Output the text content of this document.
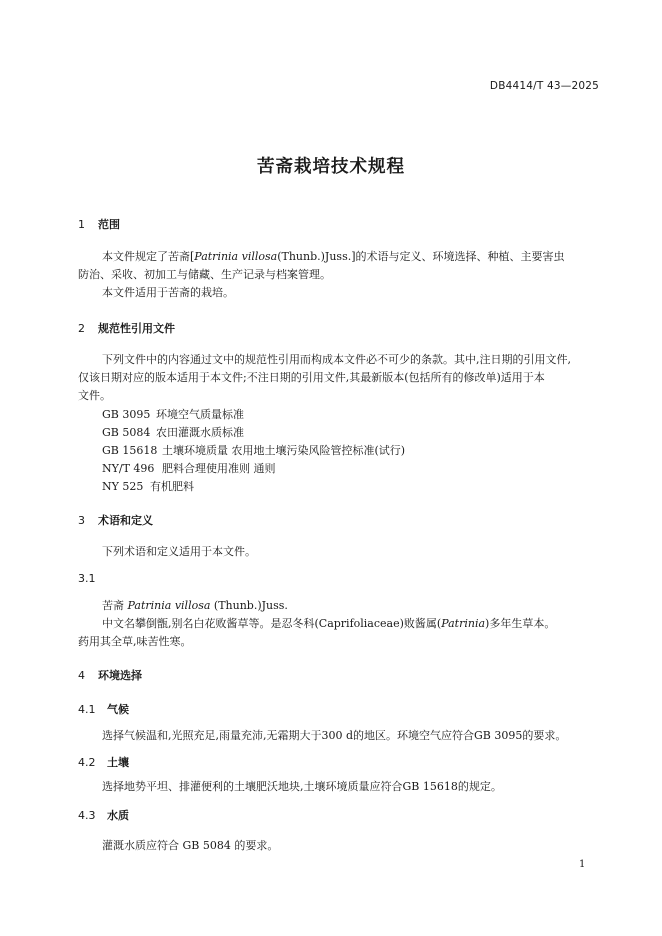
DB4414/T 43—2025
苦斋栽培技术规程
1 范围
本文件规定了苦斋[Patrinia villosa(Thunb.)Juss.]的术语与定义、环境选择、种植、主要害虫
防治、采收、初加工与储藏、生产记录与档案管理。
本文件适用于苦斋的栽培。
2 规范性引用文件
下列文件中的内容通过文中的规范性引用而构成本文件必不可少的条款。其中,注日期的引用文件,
仅该日期对应的版本适用于本文件;不注日期的引用文件,其最新版本(包括所有的修改单)适用于本
文件。
GB 3095 环境空气质量标准
GB 5084 农田灌溉水质标准
GB 15618 土壤环境质量 农用地土壤污染风险管控标准(试行)
NY/T 496 肥料合理使用准则 通则
NY 525 有机肥料
3 术语和定义
下列术语和定义适用于本文件。
3.1
苦斋 Patrinia villosa (Thunb.)Juss.
中文名攀倒甑,别名白花败酱草等。是忍冬科(Caprifoliaceae)败酱属(Patrinia)多年生草本。
药用其全草,味苦性寒。
4 环境选择
4.1 气候
选择气候温和,光照充足,雨量充沛,无霜期大于300 d的地区。环境空气应符合GB 3095的要求。
4.2 土壤
选择地势平坦、排灌便利的土壤肥沃地块,土壤环境质量应符合GB 15618的规定。
4.3 水质
灌溉水质应符合 GB 5084 的要求。
1
